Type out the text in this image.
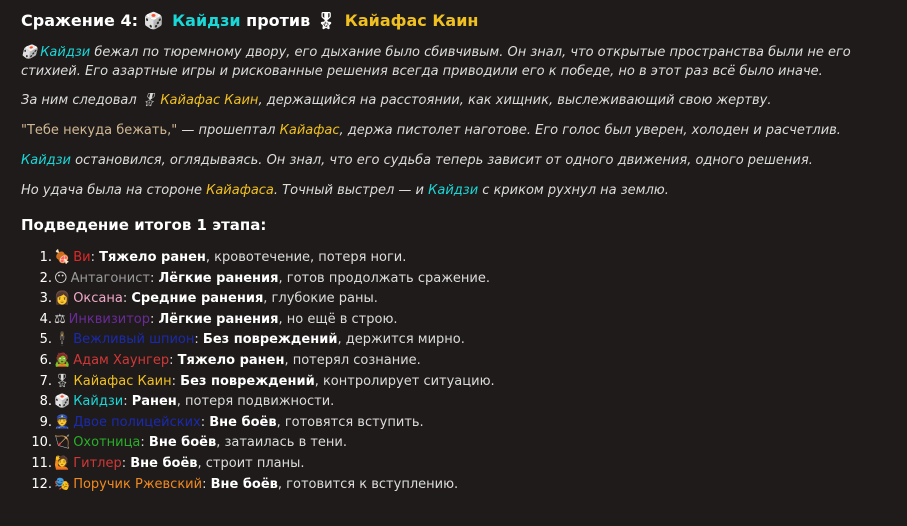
Сражение 4: 🎲 Кайдзи против 🎖 Кайафас Каин

🎲 Кайдзи бежал по тюремному двору, его дыхание было сбивчивым. Он знал, что открытые пространства были не его стихией. Его азартные игры и рискованные решения всегда приводили его к победе, но в этот раз всё было иначе.

За ним следовал 🎖 Кайафас Каин, держащийся на расстоянии, как хищник, выслеживающий свою жертву.

"Тебе некуда бежать," — прошептал Кайафас, держа пистолет наготове. Его голос был уверен, холоден и расчетлив.

Кайдзи остановился, оглядываясь. Он знал, что его судьба теперь зависит от одного движения, одного решения.

Но удача была на стороне Кайафаса. Точный выстрел — и Кайдзи с криком рухнул на землю.

Подведение итогов 1 этапа:
1. 🍖 Ви: Тяжело ранен, кровотечение, потеря ноги.
2. 😶 Антагонист: Лёгкие ранения, готов продолжать сражение.
3. 👩 Оксана: Средние ранения, глубокие раны.
4. ⚖ Инквизитор: Лёгкие ранения, но ещё в строю.
5. 🕴 Вежливый шпион: Без повреждений, держится мирно.
6. 🧟 Адам Хаунгер: Тяжело ранен, потерял сознание.
7. 🎖 Кайафас Каин: Без повреждений, контролирует ситуацию.
8. 🎲 Кайдзи: Ранен, потеря подвижности.
9. 👮 Двое полицейских: Вне боёв, готовятся вступить.
10. 🏹 Охотница: Вне боёв, затаилась в тени.
11. 🙋 Гитлер: Вне боёв, строит планы.
12. 🎭 Поручик Ржевский: Вне боёв, готовится к вступлению.
